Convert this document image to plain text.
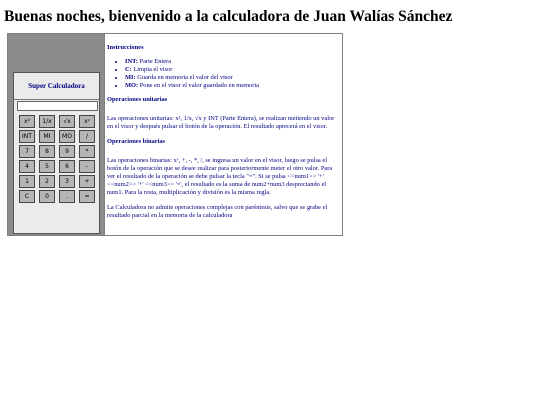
Buenas noches, bienvenido a la calculadora de Juan Walías Sánchez
Super Calculadora
x²	1/x	√x	xʸ
INT	MI	MO	/
7	8	9	*
4	5	6	-
1	2	3	+
C	0	.	=
Instrucciones
• INT: Parte Entera
• C: Limpia el visor
• MI: Guarda en memoria el valor del visor
• MO: Pone en el visor el valor guardado en memoria
Operaciones unitarias

Las operaciones unitarias: x², 1/x, √x y INT (Parte Entera), se realizan metiendo un valor en el visor y después pulsar el botón de la operación. El resultado aprecerá en el visor.

Operaciones binarias

Las operaciones binarias: xʸ, +, -, *, /, se ingresa un valor en el visor, luego se pulsa el botón de la operación que se desee realizar para posteriormente meter el otro valor. Para ver el resultado de la operación se debe pulsar la tecla "=". Si se pulsa <<num1>> '+' <<num2>> '+' <<num3>> '=', el resultado es la suma de num2+num3 despreciando el num1. Para la resta, multiplicación y división es la misma regla.

La Calculadora no admite operaciones complejas con paréntesis, salvo que se grabe el resultado parcial en la memoria de la calculadora
